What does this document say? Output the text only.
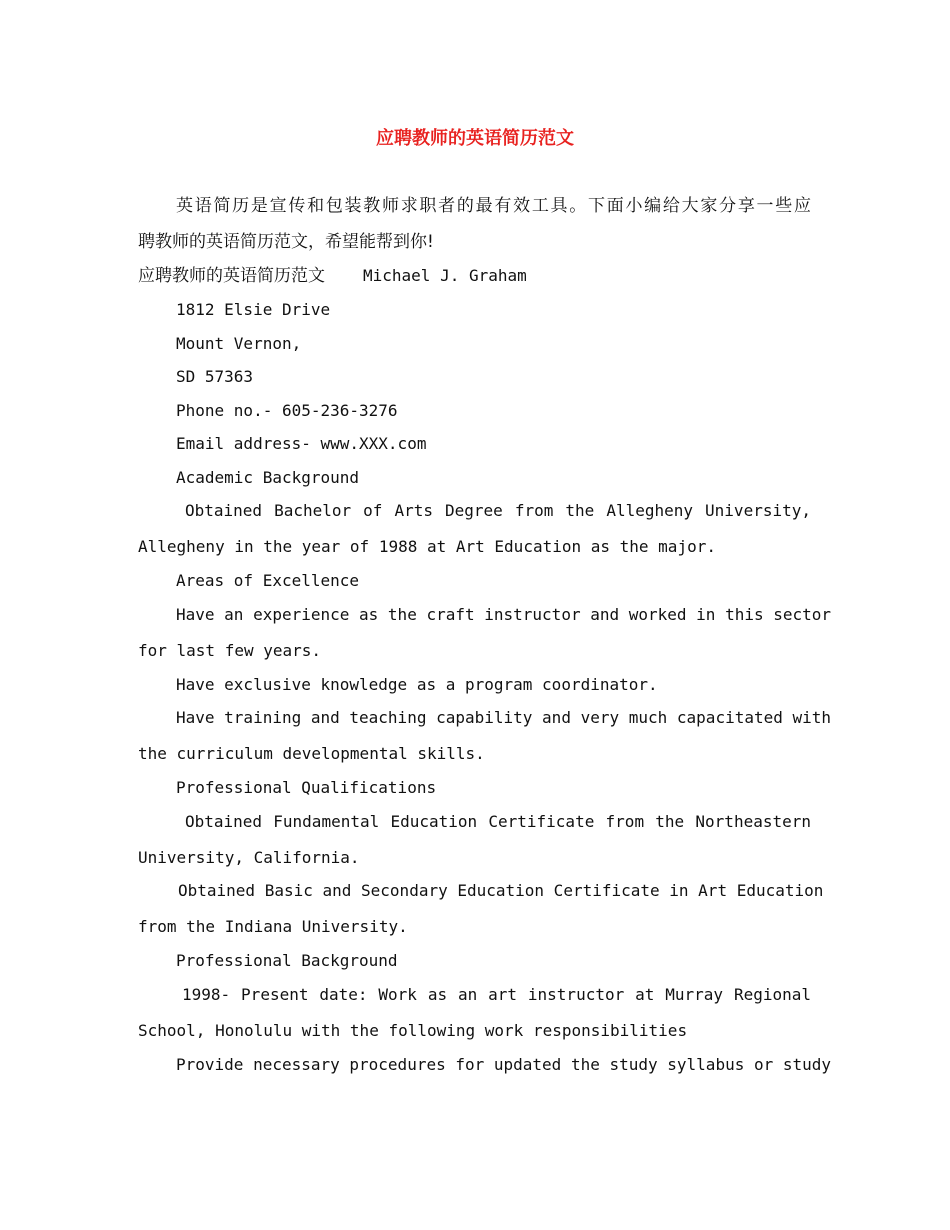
应聘教师的英语简历范文
英语简历是宣传和包装教师求职者的最有效工具。下面小编给大家分享一些应
聘教师的英语简历范文，希望能帮到你!
应聘教师的英语简历范文 Michael J. Graham
1812 Elsie Drive
Mount Vernon,
SD 57363
Phone no.- 605-236-3276
Email address- www.XXX.com
Academic Background
Obtained Bachelor of Arts Degree from the Allegheny University,
Allegheny in the year of 1988 at Art Education as the major.
Areas of Excellence
Have an experience as the craft instructor and worked in this sector
for last few years.
Have exclusive knowledge as a program coordinator.
Have training and teaching capability and very much capacitated with
the curriculum developmental skills.
Professional Qualifications
Obtained Fundamental Education Certificate from the Northeastern
University, California.
Obtained Basic and Secondary Education Certificate in Art Education
from the Indiana University.
Professional Background
1998- Present date: Work as an art instructor at Murray Regional
School, Honolulu with the following work responsibilities
Provide necessary procedures for updated the study syllabus or study
